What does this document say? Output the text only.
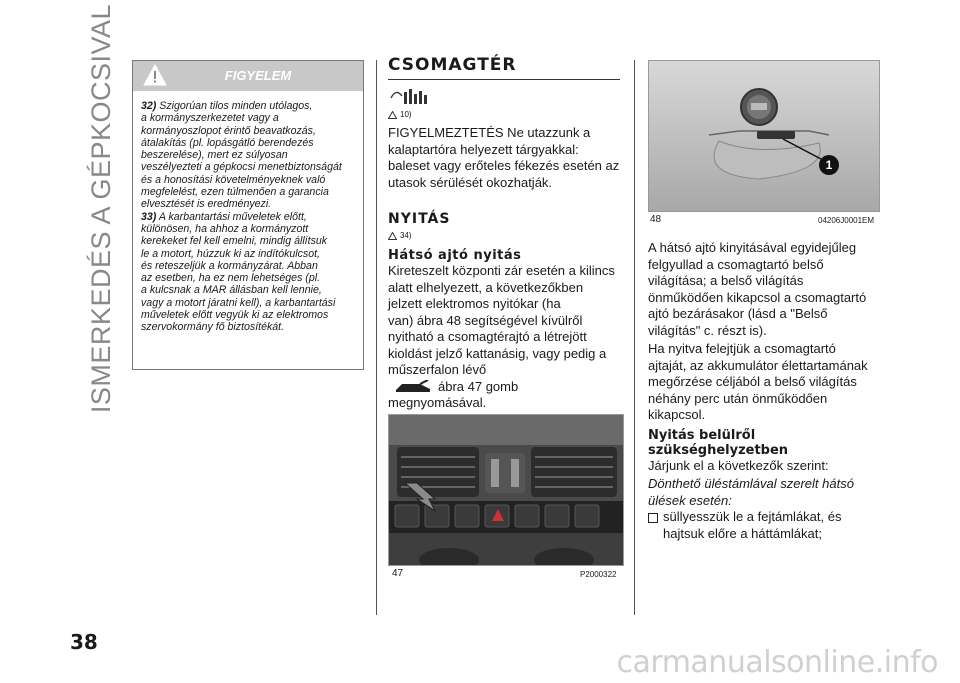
ISMERKEDÉS A GÉPKOCSIVAL	FIGYELEM

32) Szigorúan tilos minden utólagos,
a kormányszerkezetet vagy a
kormányoszlopot érintő beavatkozás,
átalakítás (pl. lopásgátló berendezés
beszerelése), mert ez súlyosan
veszélyezteti a gépkocsi menetbiztonságát
és a honosítási követelményeknek való
megfelelést, ezen túlmenően a garancia
elvesztését is eredményezi.

33) A karbantartási műveletek előtt,
különösen, ha ahhoz a kormányzott
kerekeket fel kell emelni, mindig állítsuk
le a motort, húzzuk ki az indítókulcsot,
és reteszeljük a kormányzárat. Abban
az esetben, ha ez nem lehetséges (pl.
a kulcsnak a MAR állásban kell lennie,
vagy a motort járatni kell), a karbantartási
műveletek előtt vegyük ki az elektromos
szervokormány fő biztosítékát.

CSOMAGTÉR
10)
FIGYELMEZTETÉS Ne utazzunk a
kalaptartóra helyezett tárgyakkal:
baleset vagy erőteles fékezés esetén az
utasok sérülését okozhatják.
NYITÁS
34)
Hátsó ajtó nyitás
Kireteszelt központi zár esetén a kilincs
alatt elhelyezett, a következőkben
jelzett elektromos nyitókar (ha
van) ábra 48 segítségével kívülről
nyitható a csomagtérajtó a létrejött
kioldást jelző kattanásig, vagy pedig a
műszerfalon lévő
ábra 47 gomb
megnyomásával.
47	P2000322
1
48	04206J0001EM
A hátsó ajtó kinyitásával egyidejűleg
felgyullad a csomagtartó belső
világítása; a belső világítás
önműködően kikapcsol a csomagtartó
ajtó bezárásakor (lásd a "Belső
világítás" c. részt is).
Ha nyitva felejtjük a csomagtartó
ajtaját, az akkumulátor élettartamának
megőrzése céljából a belső világítás
néhány perc után önműködően
kikapcsol.
Nyitás belülről szükséghelyzetben
Járjunk el a következők szerint:
Dönthető üléstámlával szerelt hátsó
ülések esetén:
süllyesszük le a fejtámlákat, és
hajtsuk előre a háttámlákat;
38
carmanualsonline.info
